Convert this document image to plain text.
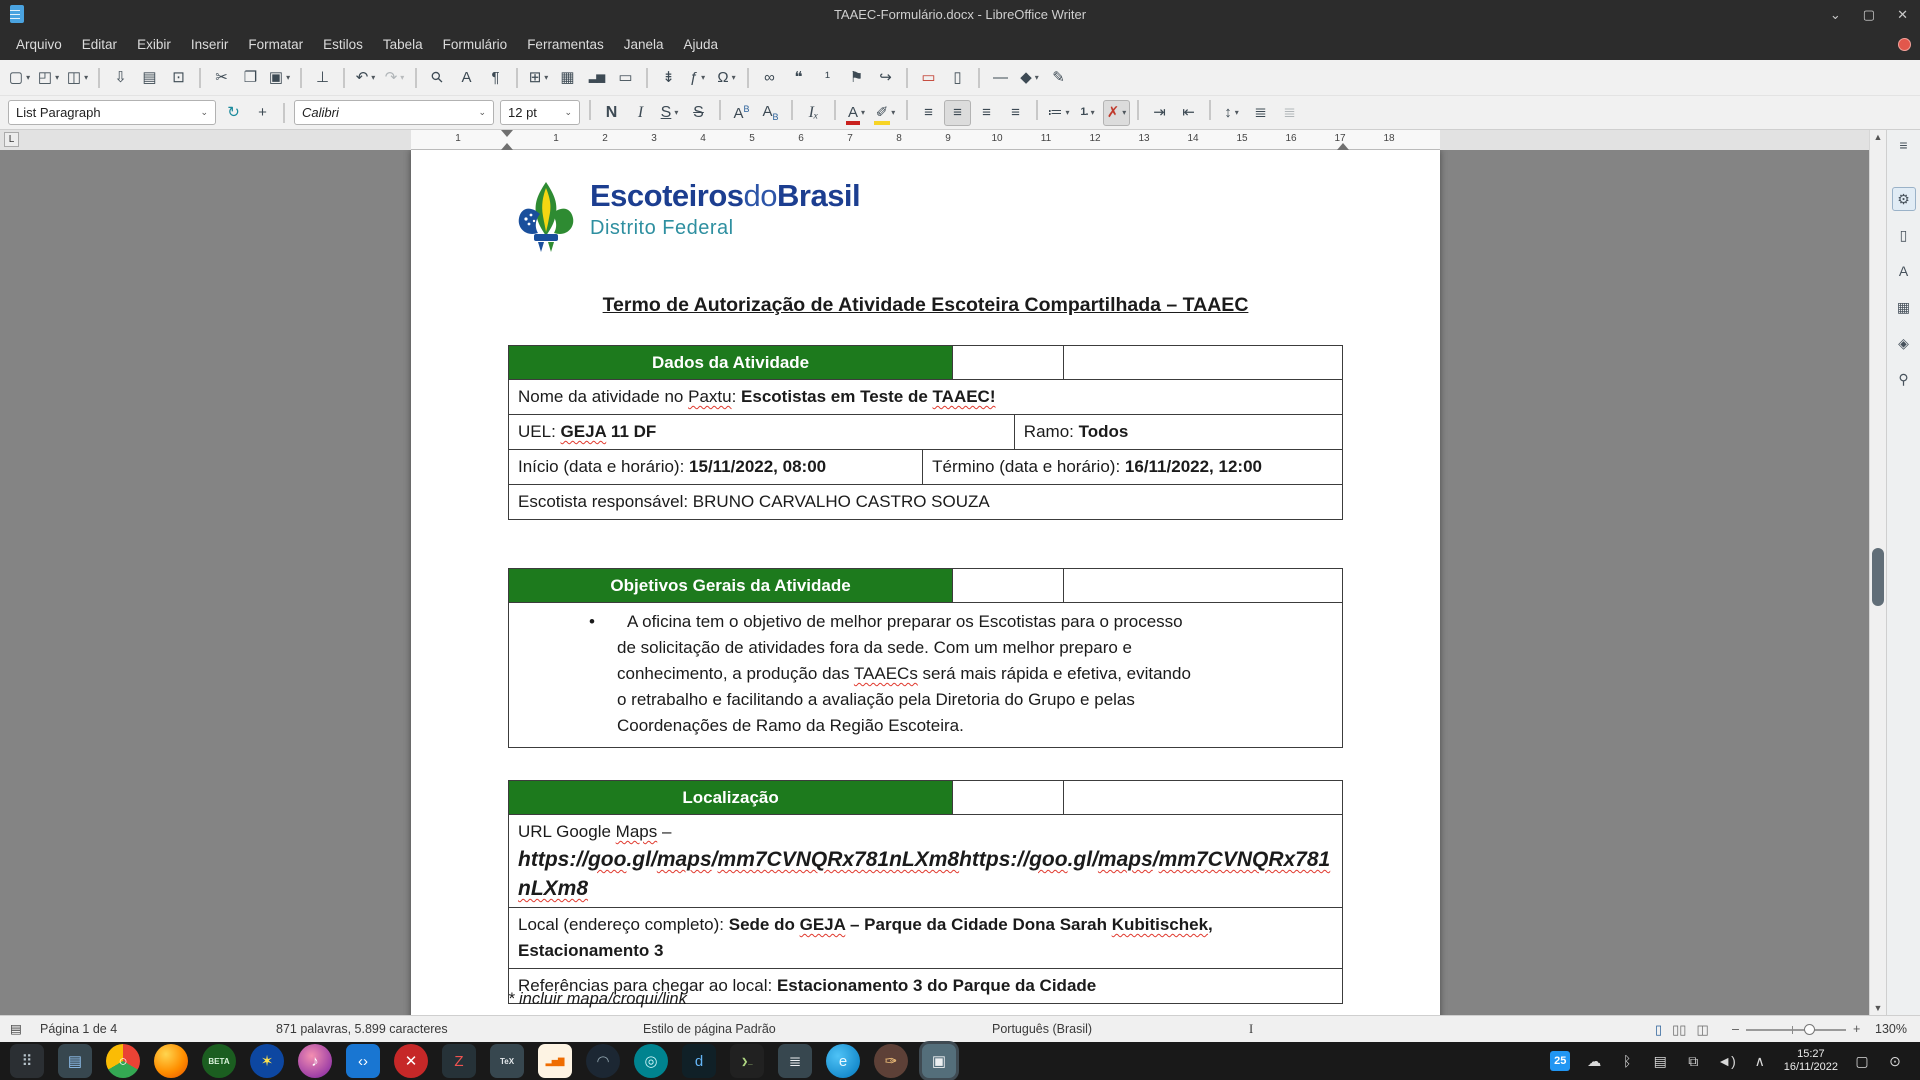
TAAEC-Formulário.docx - LibreOffice Writer	⌄ ▢ ✕
Arquivo	Editar	Exibir	Inserir	Formatar	Estilos	Tabela	Formulário	Ferramentas	Janela	Ajuda
▢ ▾ ◰ ▾ ◫ ▾ ⇩ ▤ ⊡ ✂ ❐ ▣ ▾ ⊥ ↶ ▾ ↷ ▾ ⚲ A ¶ ⊞ ▾ ▦ ▂▅ ▭ ⇟ ƒ ▾ Ω ▾ ∞ ❝ ¹ ⚑ ↪ ▭ ▯ — ◆ ▾ ✎
List Paragraph	⌄ ↻ +	Calibri	⌄ 12 pt	⌄ N I S ▾ S A B	A B	Iₓ A ▾ ✐ ▾ ≡ ≡ ≡ ≡ ≔ ▾ 1. ▾ ✗ ▾ ⇥ ⇤ ↕ ▾ ≣ ≣
1	1	2	3	4	5	6	7	8	9	10	11	12	13	14	15	16	17	18
L
EscoteirosdoBrasil
Distrito Federal
Termo de Autorização de Atividade Escoteira Compartilhada – TAAEC
Dados da Atividade
Nome da atividade no Paxtu: Escotistas em Teste de TAAEC!
UEL: GEJA 11 DF	Ramo: Todos
Início (data e horário): 15/11/2022, 08:00	Término (data e horário): 16/11/2022, 12:00
Escotista responsável: BRUNO CARVALHO CASTRO SOUZA
Objetivos Gerais da Atividade
•	A oficina tem o objetivo de melhor preparar os Escotistas para o processo
de solicitação de atividades fora da sede. Com um melhor preparo e
conhecimento, a produção das TAAECs será mais rápida e efetiva, evitando
o retrabalho e facilitando a avaliação pela Diretoria do Grupo e pelas
Coordenações de Ramo da Região Escoteira.
Localização
URL Google Maps –
https://goo.gl/maps/mm7CVNQRx781nLXm8https://goo.gl/maps/mm7CVNQRx781
nLXm8
Local (endereço completo): Sede do GEJA – Parque da Cidade Dona Sarah Kubitischek,
Estacionamento 3
Referências para chegar ao local: Estacionamento 3 do Parque da Cidade
* incluir mapa/croqui/link
▲
▼
≡
⚙
▯
A
▦
◈
⚲
▤ Página 1 de 4	871 palavras, 5.899 caracteres	Estilo de página Padrão	Português (Brasil)	I	▯ ▯▯ ◫ –	+ 130%
⠿ ▤ ○	BETA ✶	♪	‹› ✕ Z	TeX	▂▅▇ ◠ ◎ d	❯_ ≣	e	✑ ▣	25 ☁ ᛒ ▤ ⧉ ◄) ∧	15:27
16/11/2022 ▢ ⊙
